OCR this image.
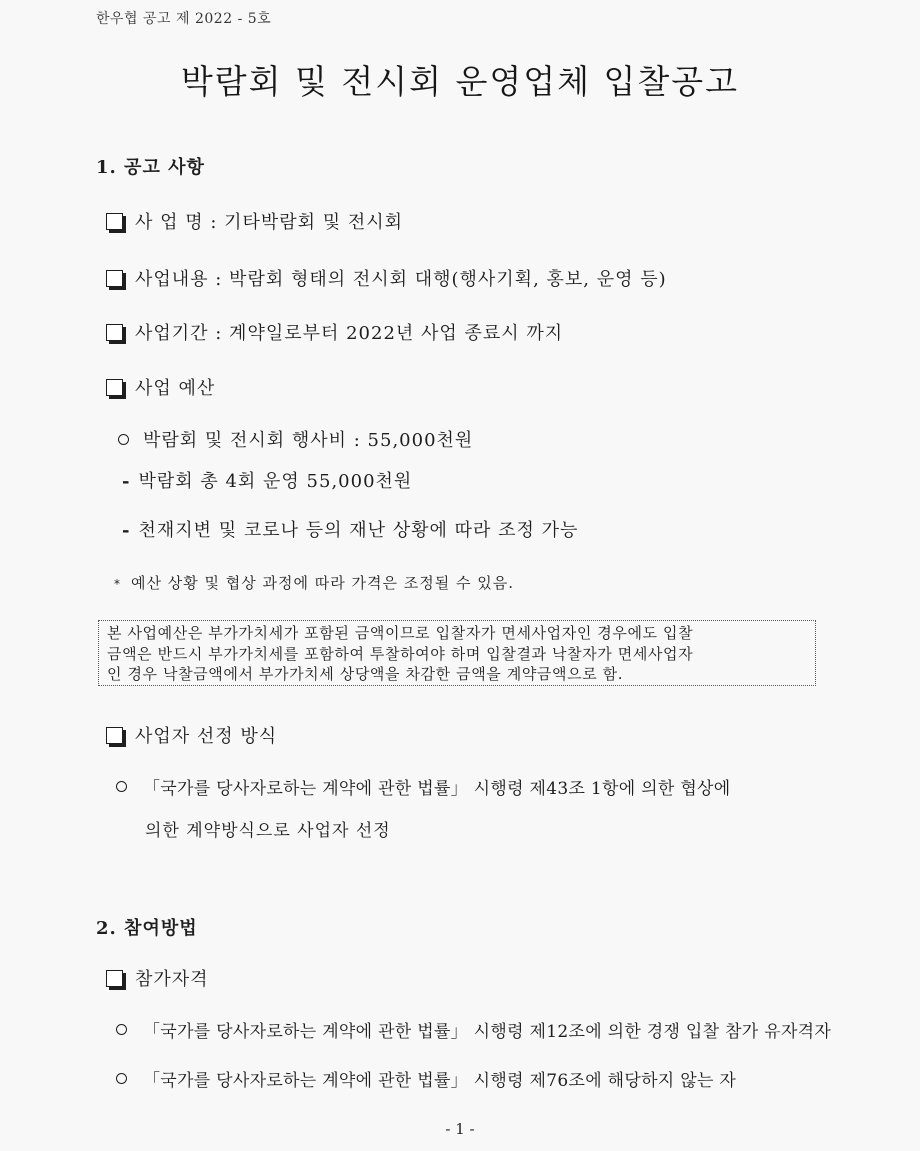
한우협 공고 제 2022 - 5호
박람회 및 전시회 운영업체 입찰공고
1. 공고 사항
사 업 명 : 기타박람회 및 전시회
사업내용 : 박람회 형태의 전시회 대행(행사기획, 홍보, 운영 등)
사업기간 : 계약일로부터 2022년 사업 종료시 까지
사업 예산
박람회 및 전시회 행사비 : 55,000천원
- 박람회 총 4회 운영 55,000천원
- 천재지변 및 코로나 등의 재난 상황에 따라 조정 가능
* 예산 상황 및 협상 과정에 따라 가격은 조정될 수 있음.
본 사업예산은 부가가치세가 포함된 금액이므로 입찰자가 면세사업자인 경우에도 입찰
금액은 반드시 부가가치세를 포함하여 투찰하여야 하며 입찰결과 낙찰자가 면세사업자
인 경우 낙찰금액에서 부가가치세 상당액을 차감한 금액을 계약금액으로 함.
사업자 선정 방식
「국가를 당사자로하는 계약에 관한 법률」 시행령 제43조 1항에 의한 협상에
의한 계약방식으로 사업자 선정
2. 참여방법
참가자격
「국가를 당사자로하는 계약에 관한 법률」 시행령 제12조에 의한 경쟁 입찰 참가 유자격자
「국가를 당사자로하는 계약에 관한 법률」 시행령 제76조에 해당하지 않는 자
- 1 -
